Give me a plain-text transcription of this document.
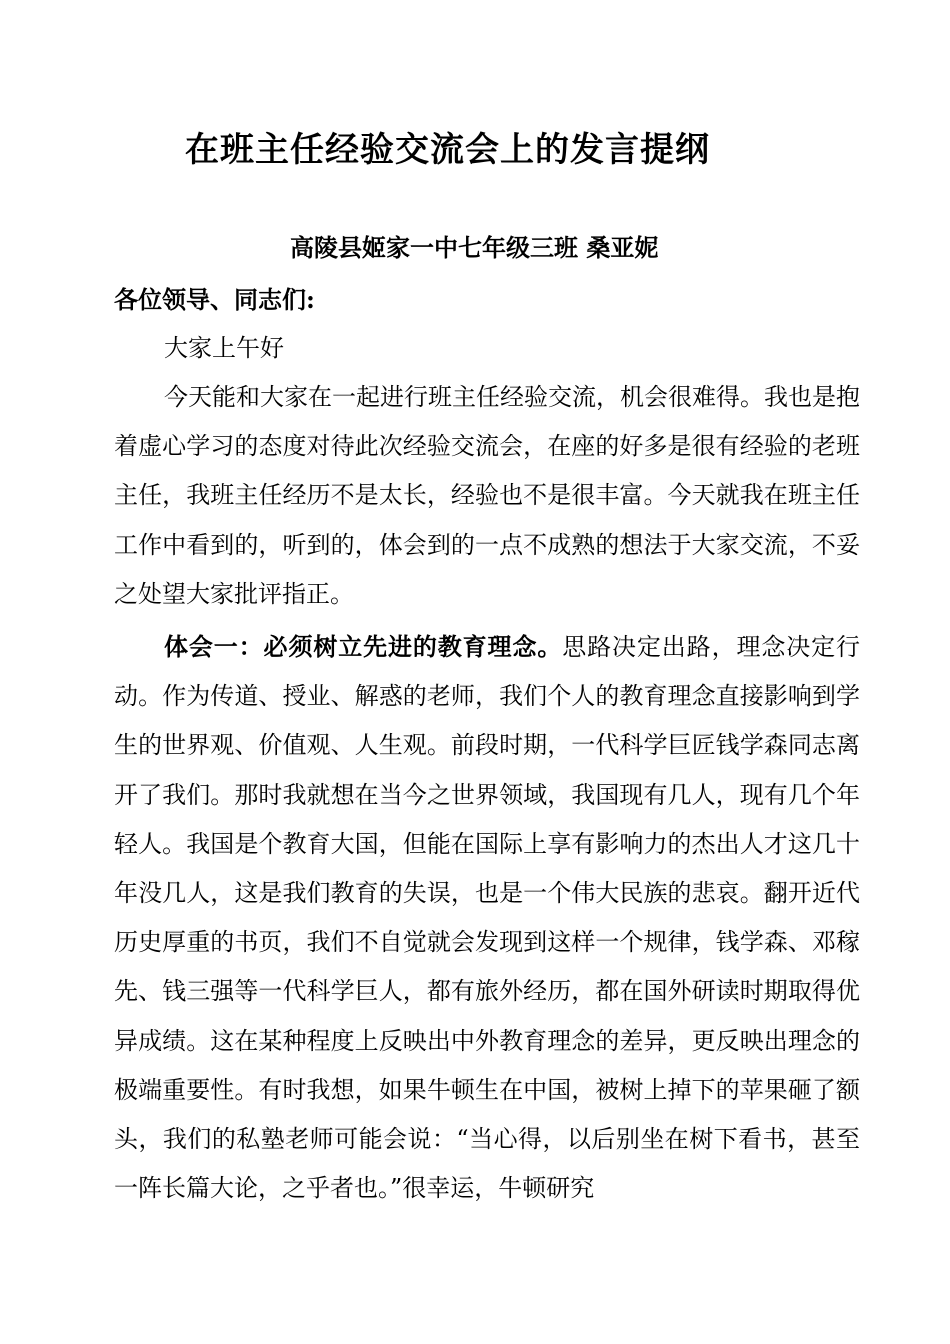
在班主任经验交流会上的发言提纲
高陵县姬家一中七年级三班 桑亚妮
各位领导、同志们:
大家上午好

今天能和大家在一起进行班主任经验交流，机会很难得。我也是抱着虚心学习的态度对待此次经验交流会，在座的好多是很有经验的老班主任，我班主任经历不是太长，经验也不是很丰富。今天就我在班主任工作中看到的，听到的，体会到的一点不成熟的想法于大家交流，不妥之处望大家批评指正。

体会一：必须树立先进的教育理念。思路决定出路，理念决定行动。作为传道、授业、解惑的老师，我们个人的教育理念直接影响到学生的世界观、价值观、人生观。前段时期，一代科学巨匠钱学森同志离开了我们。那时我就想在当今之世界领域，我国现有几人，现有几个年轻人。我国是个教育大国，但能在国际上享有影响力的杰出人才这几十年没几人，这是我们教育的失误，也是一个伟大民族的悲哀。翻开近代历史厚重的书页，我们不自觉就会发现到这样一个规律，钱学森、邓稼先、钱三强等一代科学巨人，都有旅外经历，都在国外研读时期取得优异成绩。这在某种程度上反映出中外教育理念的差异，更反映出理念的极端重要性。有时我想，如果牛顿生在中国，被树上掉下的苹果砸了额头，我们的私塾老师可能会说：“当心得，以后别坐在树下看书，甚至一阵长篇大论，之乎者也。”很幸运，牛顿研究
